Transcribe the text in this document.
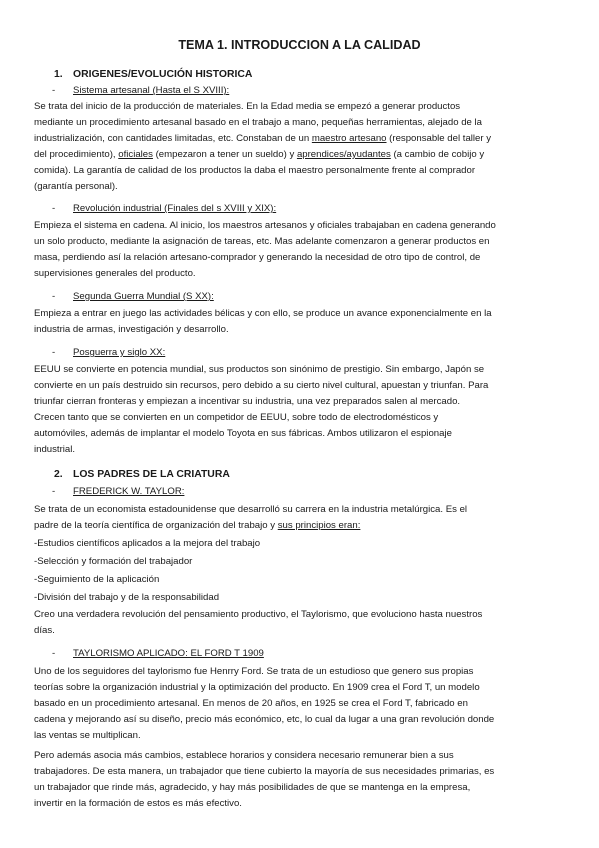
TEMA 1. INTRODUCCION A LA CALIDAD
1. ORIGENES/EVOLUCIÓN HISTORICA
- Sistema artesanal (Hasta el S XVIII):
Se trata del inicio de la producción de materiales. En la Edad media se empezó a generar productos
mediante un procedimiento artesanal basado en el trabajo a mano, pequeñas herramientas, alejado de la
industrialización, con cantidades limitadas, etc. Constaban de un maestro artesano (responsable del taller y
del procedimiento), oficiales (empezaron a tener un sueldo) y aprendices/ayudantes (a cambio de cobijo y
comida). La garantía de calidad de los productos la daba el maestro personalmente frente al comprador
(garantía personal).
- Revolución industrial (Finales del s XVIII y XIX):
Empieza el sistema en cadena. Al inicio, los maestros artesanos y oficiales trabajaban en cadena generando
un solo producto, mediante la asignación de tareas, etc. Mas adelante comenzaron a generar productos en
masa, perdiendo así la relación artesano-comprador y generando la necesidad de otro tipo de control, de
supervisiones generales del producto.
- Segunda Guerra Mundial (S XX):
Empieza a entrar en juego las actividades bélicas y con ello, se produce un avance exponencialmente en la
industria de armas, investigación y desarrollo.
- Posguerra y siglo XX:
EEUU se convierte en potencia mundial, sus productos son sinónimo de prestigio. Sin embargo, Japón se
convierte en un país destruido sin recursos, pero debido a su cierto nivel cultural, apuestan y triunfan. Para
triunfar cierran fronteras y empiezan a incentivar su industria, una vez preparados salen al mercado.
Crecen tanto que se convierten en un competidor de EEUU, sobre todo de electrodomésticos y
automóviles, además de implantar el modelo Toyota en sus fábricas. Ambos utilizaron el espionaje
industrial.
2. LOS PADRES DE LA CRIATURA
- FREDERICK W. TAYLOR:
Se trata de un economista estadounidense que desarrolló su carrera en la industria metalúrgica. Es el
padre de la teoría científica de organización del trabajo y sus principios eran:
-Estudios científicos aplicados a la mejora del trabajo
-Selección y formación del trabajador
-Seguimiento de la aplicación
-División del trabajo y de la responsabilidad
Creo una verdadera revolución del pensamiento productivo, el Taylorismo, que evoluciono hasta nuestros
días.
- TAYLORISMO APLICADO: EL FORD T 1909
Uno de los seguidores del taylorismo fue Henrry Ford. Se trata de un estudioso que genero sus propias
teorías sobre la organización industrial y la optimización del producto. En 1909 crea el Ford T, un modelo
basado en un procedimiento artesanal. En menos de 20 años, en 1925 se crea el Ford T, fabricado en
cadena y mejorando así su diseño, precio más económico, etc, lo cual da lugar a una gran revolución donde
las ventas se multiplican.
Pero además asocia más cambios, establece horarios y considera necesario remunerar bien a sus
trabajadores. De esta manera, un trabajador que tiene cubierto la mayoría de sus necesidades primarias, es
un trabajador que rinde más, agradecido, y hay más posibilidades de que se mantenga en la empresa,
invertir en la formación de estos es más efectivo.
